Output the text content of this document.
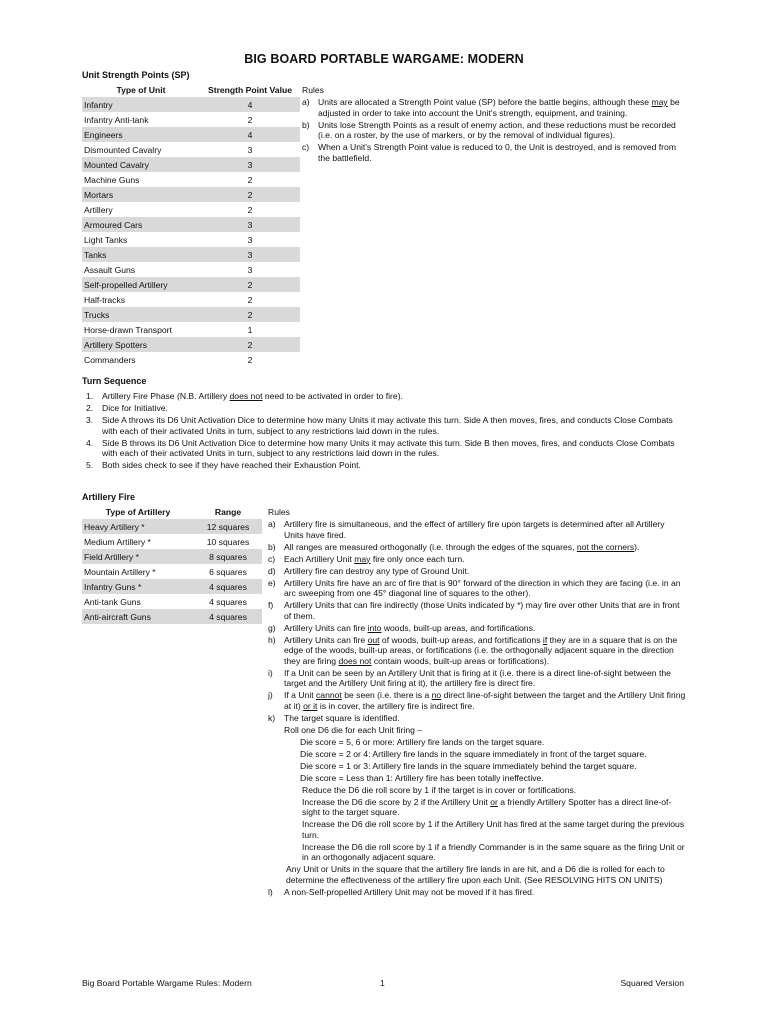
BIG BOARD PORTABLE WARGAME: MODERN
Unit Strength Points (SP)
Type of Unit	Strength Point Value
Infantry	4
Infantry Anti-tank	2
Engineers	4
Dismounted Cavalry	3
Mounted Cavalry	3
Machine Guns	2
Mortars	2
Artillery	2
Armoured Cars	3
Light Tanks	3
Tanks	3
Assault Guns	3
Self-propelled Artillery	2
Half-tracks	2
Trucks	2
Horse-drawn Transport	1
Artillery Spotters	2
Commanders	2
Rules
a) Units are allocated a Strength Point value (SP) before the battle begins, although these may be adjusted in order to take into account the Unit's strength, equipment, and training.
b) Units lose Strength Points as a result of enemy action, and these reductions must be recorded (i.e. on a roster, by the use of markers, or by the removal of individual figures).
c)	When a Unit's Strength Point value is reduced to 0, the Unit is destroyed, and is removed from the battlefield.
Turn Sequence
1.	Artillery Fire Phase (N.B. Artillery does not need to be activated in order to fire).
2.	Dice for Initiative.
3.	Side A throws its D6 Unit Activation Dice to determine how many Units it may activate this turn. Side A then moves, fires, and conducts Close Combats with each of their activated Units in turn, subject to any restrictions laid down in the rules.
4.	Side B throws its D6 Unit Activation Dice to determine how many Units it may activate this turn. Side B then moves, fires, and conducts Close Combats with each of their activated Units in turn, subject to any restrictions laid down in the rules.
5.	Both sides check to see if they have reached their Exhaustion Point.
Artillery Fire
Type of Artillery	Range
Heavy Artillery *	12 squares
Medium Artillery *	10 squares
Field Artillery *	8 squares
Mountain Artillery *	6 squares
Infantry Guns *	4 squares
Anti-tank Guns	4 squares
Anti-aircraft Guns	4 squares
Rules
a) Artillery fire is simultaneous, and the effect of artillery fire upon targets is determined after all Artillery Units have fired.
b) All ranges are measured orthogonally (i.e. through the edges of the squares, not the corners).
c)	Each Artillery Unit may fire only once each turn.
d) Artillery fire can destroy any type of Ground Unit.
e) Artillery Units fire have an arc of fire that is 90° forward of the direction in which they are facing (i.e. in an arc sweeping from one 45° diagonal line of squares to the other).
f)	Artillery Units that can fire indirectly (those Units indicated by *) may fire over other Units that are in front of them.
g) Artillery Units can fire into woods, built-up areas, and fortifications.
h) Artillery Units can fire out of woods, built-up areas, and fortifications if they are in a square that is on the edge of the woods, built-up areas, or fortifications (i.e. the orthogonally adjacent square in the direction they are firing does not contain woods, built-up areas or fortifications).
i)	If a Unit can be seen by an Artillery Unit that is firing at it (i.e. there is a direct line-of-sight between the target and the Artillery Unit firing at it), the artillery fire is direct fire.
j)	If a Unit cannot be seen (i.e. there is a no direct line-of-sight between the target and the Artillery Unit firing at it) or it is in cover, the artillery fire is indirect fire.
k)	The target square is identified.
Roll one D6 die for each Unit firing –
Die score = 5, 6 or more: Artillery fire lands on the target square.
Die score = 2 or 4: Artillery fire lands in the square immediately in front of the target square.
Die score = 1 or 3: Artillery fire lands in the square immediately behind the target square.
Die score = Less than 1: Artillery fire has been totally ineffective.
Reduce the D6 die roll score by 1 if the target is in cover or fortifications.
Increase the D6 die score by 2 if the Artillery Unit or a friendly Artillery Spotter has a direct line-of-sight to the target square.
Increase the D6 die roll score by 1 if the Artillery Unit has fired at the same target during the previous turn.
Increase the D6 die roll score by 1 if a friendly Commander is in the same square as the firing Unit or in an orthogonally adjacent square.
Any Unit or Units in the square that the artillery fire lands in are hit, and a D6 die is rolled for each to determine the effectiveness of the artillery fire upon each Unit. (See RESOLVING HITS ON UNITS)
l)	A non-Self-propelled Artillery Unit may not be moved if it has fired.
Big Board Portable Wargame Rules: Modern	1	Squared Version
